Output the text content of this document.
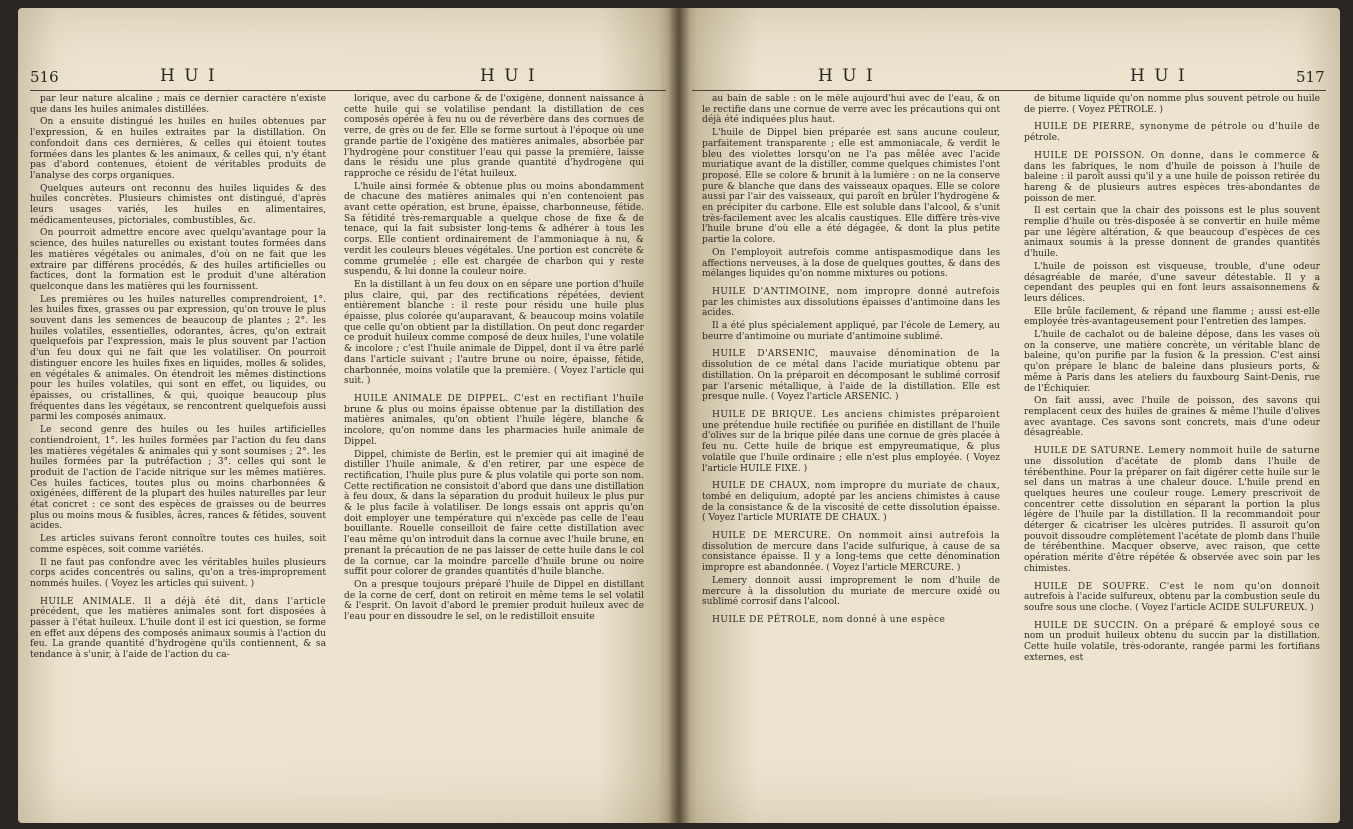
516	H U I	H U I

par leur nature alcaline ; mais ce dernier caractère n'existe que dans les huiles animales distillées.

On a ensuite distingué les huiles en huiles obtenues par l'expression, & en huiles extraites par la distillation. On confondoit dans ces dernières, & celles qui étoient toutes formées dans les plantes & les animaux, & celles qui, n'y étant pas d'abord contenues, étoient de véritables produits de l'analyse des corps organiques.

Quelques auteurs ont reconnu des huiles liquides & des huiles concrètes. Plusieurs chimistes ont distingué, d'après leurs usages variés, les huiles en alimentaires, médicamenteuses, pictoriales, combustibles, &c.

On pourroit admettre encore avec quelqu'avantage pour la science, des huiles naturelles ou existant toutes formées dans les matières végétales ou animales, d'où on ne fait que les extraire par différens procédés, & des huiles artificielles ou factices, dont la formation est le produit d'une altération quelconque dans les matières qui les fournissent.

Les premières ou les huiles naturelles comprendroient, 1°. les huiles fixes, grasses ou par expression, qu'on trouve le plus souvent dans les semences de beaucoup de plantes ; 2°. les huiles volatiles, essentielles, odorantes, âcres, qu'on extrait quelquefois par l'expression, mais le plus souvent par l'action d'un feu doux qui ne fait que les volatiliser. On pourroit distinguer encore les huiles fixes en liquides, molles & solides, en végétales & animales. On étendroit les mêmes distinctions pour les huiles volatiles, qui sont en effet, ou liquides, ou épaisses, ou cristallines, & qui, quoique beaucoup plus fréquentes dans les végétaux, se rencontrent quelquefois aussi parmi les composés animaux.

Le second genre des huiles ou les huiles artificielles contiendroient, 1°. les huiles formées par l'action du feu dans les matières végétales & animales qui y sont soumises ; 2°. les huiles formées par la putréfaction ; 3°. celles qui sont le produit de l'action de l'acide nitrique sur les mêmes matières. Ces huiles factices, toutes plus ou moins charbonnées & oxigénées, diffèrent de la plupart des huiles naturelles par leur état concret : ce sont des espèces de graisses ou de beurres plus ou moins mous & fusibles, âcres, rances & fétides, souvent acides.

Les articles suivans feront connoître toutes ces huiles, soit comme espèces, soit comme variétés.

Il ne faut pas confondre avec les véritables huiles plusieurs corps acides concentrés ou salins, qu'on a très-improprement nommés huiles. ( Voyez les articles qui suivent. )

HUILE ANIMALE. Il a déjà été dit, dans l'article précédent, que les matières animales sont fort disposées à passer à l'état huileux. L'huile dont il est ici question, se forme en effet aux dépens des composés animaux soumis à l'action du feu. La grande quantité d'hydrogène qu'ils contiennent, & sa tendance à s'unir, à l'aide de l'action du ca-

lorique, avec du carbone & de l'oxigène, donnent naissance à cette huile qui se volatilise pendant la distillation de ces composés opérée à feu nu ou de réverbère dans des cornues de verre, de grès ou de fer. Elle se forme surtout à l'époque où une grande partie de l'oxigène des matières animales, absorbée par l'hydrogène pour constituer l'eau qui passe la première, laisse dans le résidu une plus grande quantité d'hydrogène qui rapproche ce résidu de l'état huileux.

L'huile ainsi formée & obtenue plus ou moins abondamment de chacune des matières animales qui n'en contenoient pas avant cette opération, est brune, épaisse, charbonneuse, fétide. Sa fétidité très-remarquable a quelque chose de fixe & de tenace, qui la fait subsister long-tems & adhérer à tous les corps. Elle contient ordinairement de l'ammoniaque à nu, & verdit les couleurs bleues végétales. Une portion est concrète & comme grumelée ; elle est chargée de charbon qui y reste suspendu, & lui donne la couleur noire.

En la distillant à un feu doux on en sépare une portion d'huile plus claire, qui, par des rectifications répétées, devient entièrement blanche : il reste pour résidu une huile plus épaisse, plus colorée qu'auparavant, & beaucoup moins volatile que celle qu'on obtient par la distillation. On peut donc regarder ce produit huileux comme composé de deux huiles, l'une volatile & incolore ; c'est l'huile animale de Dippel, dont il va être parlé dans l'article suivant ; l'autre brune ou noire, épaisse, fétide, charbonnée, moins volatile que la première. ( Voyez l'article qui suit. )

HUILE ANIMALE DE DIPPEL. C'est en rectifiant l'huile brune & plus ou moins épaisse obtenue par la distillation des matières animales, qu'on obtient l'huile légère, blanche & incolore, qu'on nomme dans les pharmacies huile animale de Dippel.

Dippel, chimiste de Berlin, est le premier qui ait imaginé de distiller l'huile animale, & d'en retirer, par une espèce de rectification, l'huile plus pure & plus volatile qui porte son nom. Cette rectification ne consistoit d'abord que dans une distillation à feu doux, & dans la séparation du produit huileux le plus pur & le plus facile à volatiliser. De longs essais ont appris qu'on doit employer une température qui n'excède pas celle de l'eau bouillante. Rouelle conseilloit de faire cette distillation avec l'eau même qu'on introduit dans la cornue avec l'huile brune, en prenant la précaution de ne pas laisser de cette huile dans le col de la cornue, car la moindre parcelle d'huile brune ou noire suffit pour colorer de grandes quantités d'huile blanche.

On a presque toujours préparé l'huile de Dippel en distillant de la corne de cerf, dont on retiroit en même tems le sel volatil & l'esprit. On lavoit d'abord le premier produit huileux avec de l'eau pour en dissoudre le sel, on le redistilloit ensuite

H U I	H U I	517

au bain de sable : on le mêle aujourd'hui avec de l'eau, & on le rectifie dans une cornue de verre avec les précautions qui ont déjà été indiquées plus haut.

L'huile de Dippel bien préparée est sans aucune couleur, parfaitement transparente ; elle est ammoniacale, & verdit le bleu des violettes lorsqu'on ne l'a pas mêlée avec l'acide muriatique avant de la distiller, comme quelques chimistes l'ont proposé. Elle se colore & brunit à la lumière : on ne la conserve pure & blanche que dans des vaisseaux opaques. Elle se colore aussi par l'air des vaisseaux, qui paroît en brûler l'hydrogène & en précipiter du carbone. Elle est soluble dans l'alcool, & s'unit très-facilement avec les alcalis caustiques. Elle diffère très-vive l'huile brune d'où elle a été dégagée, & dont la plus petite partie la colore.

On l'employoit autrefois comme antispasmodique dans les affections nerveuses, à la dose de quelques gouttes, & dans des mélanges liquides qu'on nomme mixtures ou potions.

HUILE D'ANTIMOINE, nom impropre donné autrefois par les chimistes aux dissolutions épaisses d'antimoine dans les acides.

Il a été plus spécialement appliqué, par l'école de Lemery, au beurre d'antimoine ou muriate d'antimoine sublimé.

HUILE D'ARSENIC, mauvaise dénomination de la dissolution de ce métal dans l'acide muriatique obtenu par distillation. On la préparoit en décomposant le sublimé corrosif par l'arsenic métallique, à l'aide de la distillation. Elle est presque nulle. ( Voyez l'article ARSENIC. )

HUILE DE BRIQUE. Les anciens chimistes préparoient une prétendue huile rectifiée ou purifiée en distillant de l'huile d'olives sur de la brique pilée dans une cornue de grès placée à feu nu. Cette huile de brique est empyreumatique, & plus volatile que l'huile ordinaire ; elle n'est plus employée. ( Voyez l'article HUILE FIXE. )

HUILE DE CHAUX, nom impropre du muriate de chaux, tombé en deliquium, adopté par les anciens chimistes à cause de la consistance & de la viscosité de cette dissolution épaisse. ( Voyez l'article MURIATE DE CHAUX. )

HUILE DE MERCURE. On nommoit ainsi autrefois la dissolution de mercure dans l'acide sulfurique, à cause de sa consistance épaisse. Il y a long-tems que cette dénomination impropre est abandonnée. ( Voyez l'article MERCURE. )

Lemery donnoit aussi improprement le nom d'huile de mercure à la dissolution du muriate de mercure oxidé ou sublimé corrosif dans l'alcool.

HUILE DE PÉTROLE, nom donné à une espèce

de bitume liquide qu'on nomme plus souvent pétrole ou huile de pierre. ( Voyez PÉTROLE. )

HUILE DE PIERRE, synonyme de pétrole ou d'huile de pétrole.

HUILE DE POISSON. On donne, dans le commerce & dans les fabriques, le nom d'huile de poisson à l'huile de baleine : il paroît aussi qu'il y a une huile de poisson retirée du hareng & de plusieurs autres espèces très-abondantes de poisson de mer.

Il est certain que la chair des poissons est le plus souvent remplie d'huile ou très-disposée à se convertir en huile même par une légère altération, & que beaucoup d'espèces de ces animaux soumis à la presse donnent de grandes quantités d'huile.

L'huile de poisson est visqueuse, trouble, d'une odeur désagréable de marée, d'une saveur détestable. Il y a cependant des peuples qui en font leurs assaisonnemens & leurs délices.

Elle brûle facilement, & répand une flamme ; aussi est-elle employée très-avantageusement pour l'entretien des lampes.

L'huile de cachalot ou de baleine dépose, dans les vases où on la conserve, une matière concrète, un véritable blanc de baleine, qu'on purifie par la fusion & la pression. C'est ainsi qu'on prépare le blanc de baleine dans plusieurs ports, & même à Paris dans les ateliers du fauxbourg Saint-Denis, rue de l'Échiquier.

On fait aussi, avec l'huile de poisson, des savons qui remplacent ceux des huiles de graines & même l'huile d'olives avec avantage. Ces savons sont concrets, mais d'une odeur désagréable.

HUILE DE SATURNE. Lemery nommoit huile de saturne une dissolution d'acétate de plomb dans l'huile de térébenthine. Pour la préparer on fait digérer cette huile sur le sel dans un matras à une chaleur douce. L'huile prend en quelques heures une couleur rouge. Lemery prescrivoit de concentrer cette dissolution en séparant la portion la plus légère de l'huile par la distillation. Il la recommandoit pour déterger & cicatriser les ulcères putrides. Il assuroit qu'on pouvoit dissoudre complètement l'acétate de plomb dans l'huile de térébenthine. Macquer observe, avec raison, que cette opération mérite d'être répétée & observée avec soin par les chimistes.

HUILE DE SOUFRE. C'est le nom qu'on donnoit autrefois à l'acide sulfureux, obtenu par la combustion seule du soufre sous une cloche. ( Voyez l'article ACIDE SULFUREUX. )

HUILE DE SUCCIN. On a préparé & employé sous ce nom un produit huileux obtenu du succin par la distillation. Cette huile volatile, très-odorante, rangée parmi les fortifians externes, est
